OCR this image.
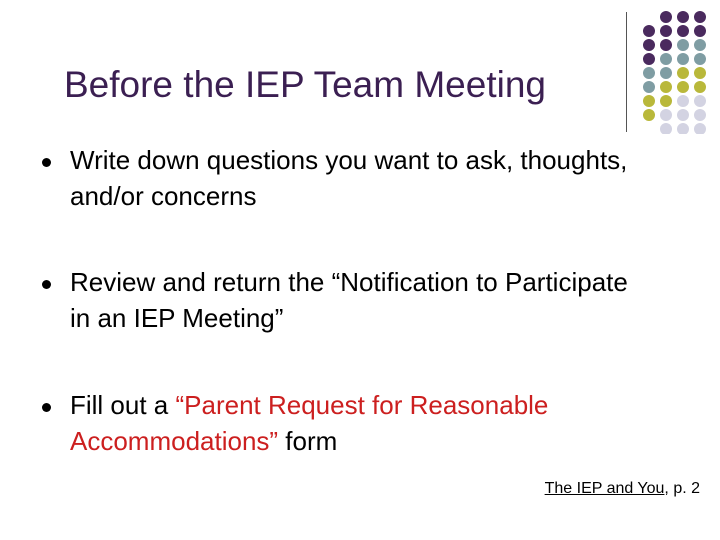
Before the IEP Team Meeting
Write down questions you want to ask, thoughts, and/or concerns
Review and return the “Notification to Participate in an IEP Meeting”
Fill out a “Parent Request for Reasonable Accommodations” form
The IEP and You, p. 2
